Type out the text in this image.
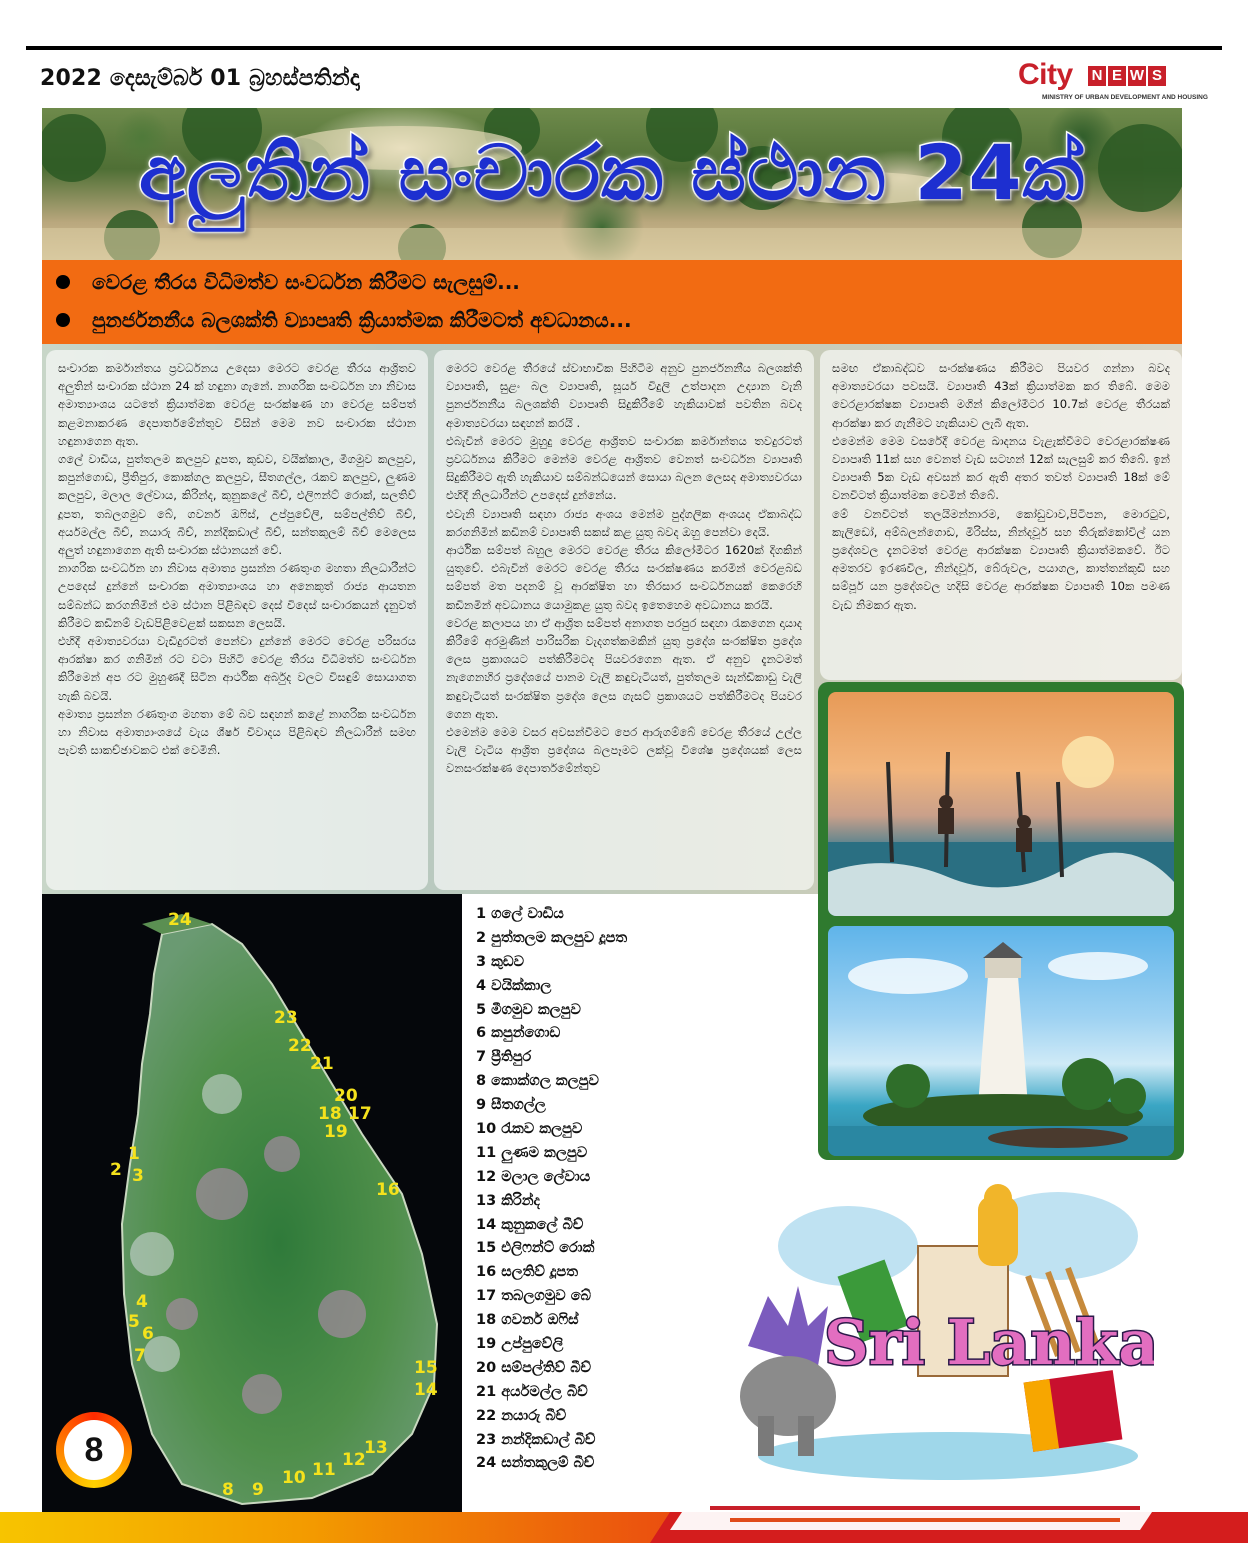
2022 දෙසැම්බර් 01 බ්‍රහස්පතින්දා	City N E W S
MINISTRY OF URBAN DEVELOPMENT AND HOUSING
අලුතින් සංචාරක ස්ථාන 24ක්
වෙරළ තීරය විධිමත්ව සංවර්ධන කිරීමට සැලසුම්...
පුනර්ජනනීය බලශක්ති ව්‍යාපෘති ක්‍රියාත්මක කිරීමටත් අවධානය...

සංචාරක කර්මාන්තය ප්‍රවර්ධනය උදෙසා මෙරට වෙරළ තීරය ආශ්‍රිතව අලුතින් සංචාරක ස්ථාන 24 ක් හඳුනා ගැනේ. නාගරික සංවර්ධන හා නිවාස අමාත්‍යාංශය යටතේ ක්‍රියාත්මක වෙරළ සංරක්ෂණ හා වෙරළ සම්පත් කළමනාකරණ දෙපාර්තමේන්තුව විසින් මෙම නව සංචාරක ස්ථාන හඳුනාගෙන ඇත.

ගලේ වාඩිය, පුත්තලම කලපුව දූපත, කුඩව, වයික්කාල, මීගමුව කලපුව, කපුන්ගොඩ, ප්‍රීතිපුර, කොක්ගල කලපුව, සීතගල්ල, රැකව කලපුව, ලුණම කලපුව, මලාල ලේවාය, කිරින්ද, කුනුකලේ බීච්, එලිෆන්ට් රොක්, සලතිව් දූපත, තබලගමුව බේ, ගවනර් ඔෆිස්, උප්පුවේලි, සම්පල්තිව් බීච්, අර්යමල්ල බීච්, නයාරු බීච්, නන්දිකඩාල් බීච්, සන්තකුලම් බීච් මෙලෙස අලුත් හඳුනාගෙන ඇති සංචාරක ස්ථානයන් වේ.

නාගරික සංවර්ධන හා නිවාස අමාත්‍ය ප්‍රසන්න රණතුංග මහතා නිලධාරීන්ට උපදෙස් දුන්නේ සංචාරක අමාත්‍යාංශය හා අනෙකුත් රාජ්‍ය ආයතන සම්බන්ධ කරගනිමින් එම ස්ථාන පිළිබඳව දෙස් විදෙස් සංචාරකයන් දැනුවත් කිරීමට කඩිනම් වැඩපිළිවෙළක් සකසන ලෙසයි.

එහිදී අමාත්‍යවරයා වැඩිදුරටත් පෙන්වා දුන්නේ මෙරට වෙරළ පරිසරය ආරක්ෂා කර ගනිමින් රට වටා පිහිටි වෙරළ තීරය විධිමත්ව සංවර්ධන කිරීමෙන් අප රට මුහුණදී සිටින ආර්ථික අර්බුද වලට විසඳුම් සොයාගත හැකි බවයි.

අමාත්‍ය ප්‍රසන්න රණතුංග මහතා මේ බව සඳහන් කළේ නාගරික සංවර්ධන හා නිවාස අමාත්‍යාංශයේ වැය ශීර්ෂ විවාදය පිළිබඳව නිලධාරීන් සමඟ පැවති සාකච්ඡාවකට එක් වෙමිනි.

මෙරට වෙරළ තීරයේ ස්වාභාවික පිහිටීම අනුව පුනර්ජනනීය බලශක්ති ව්‍යාපෘති, සුළං බල ව්‍යාපෘති, සූර්ය විදුලි උත්පාදන උද්‍යාන වැනි පුනර්ජනනීය බලශක්ති ව්‍යාපෘති සිදුකිරීමේ හැකියාවක් පවතින බවද අමාත්‍යවරයා සඳහන් කරයි .

එබැවින් මෙරට මුහුදු වෙරළ ආශ්‍රිතව සංචාරක කර්මාන්තය තවදුරටත් ප්‍රවර්ධනය කිරීමට මෙන්ම වෙරළ ආශ්‍රිතව වෙනත් සංවර්ධන ව්‍යාපෘති සිදුකිරීමට ඇති හැකියාව සම්බන්ධයෙන් සොයා බලන ලෙසද අමාත්‍යවරයා එහිදී නිලධාරීන්ට උපදෙස් දුන්නේය.

එවැනි ව්‍යාපෘති සඳහා රාජ්‍ය අංශය මෙන්ම පුද්ගලික අංශයද ඒකාබද්ධ කරගනිමින් කඩිනම් ව්‍යාපෘති සකස් කළ යුතු බවද ඔහු පෙන්වා දෙයි.

ආර්ථික සම්පත් බහුල මෙරට වෙරළ තීරය කිලෝමීටර 1620ක් දිගකින් යුතුවේ. එබැවින් මෙරට වෙරළ තීරය සංරක්ෂණය කරමින් වෙරළබඩ සම්පත් මත පදනම් වූ ආරක්ෂිත හා තිරසාර සංවර්ධනයක් කෙරෙහි කඩිනමින් අවධානය යොමුකළ යුතු බවද ඉතෙහෙම අවධානය කරයි.

වෙරළ කලාපය හා ඒ ආශ්‍රිත සම්පත් අනාගත පරපුර සඳහා රැකගෙන දායාද කිරීමේ අරමුණින් පාරිසරික වැදගත්කමකින් යුතු ප්‍රදේශ සංරක්ෂිත ප්‍රදේශ ලෙස ප්‍රකාශයට පත්කිරීමටද පියවරගෙන ඇත. ඒ අනුව දැනටමත් නැගෙනහිර ප්‍රදේශයේ පානම වැලි කඳුවැටියත්, පුත්තලම සැන්ඩිකාඩු වැලි කඳුවැටියත් සංරක්ෂිත ප්‍රදේශ ලෙස ගැසට් ප්‍රකාශයට පත්කිරීමටද පියවර ගෙන ඇත.

එමෙන්ම මෙම වසර අවසන්වීමට පෙර ආරුගම්බේ වෙරළ තීරයේ උල්ල වැලි වැටිය ආශ්‍රිත ප්‍රදේශය බලපෑමට ලක්වූ විශේෂ ප්‍රදේශයක් ලෙස වනසංරක්ෂණ දෙපාර්තමේන්තුව

සමඟ ඒකාබද්ධව සංරක්ෂණය කිරීමට පියවර ගන්නා බවද අමාත්‍යවරයා පවසයි. ව්‍යාපෘති 43ක් ක්‍රියාත්මක කර තිබේ. මෙම වෙරළාරක්ෂක ව්‍යාපෘති මගින් කිලෝමීටර 10.7ක් වෙරළ තීරයක් ආරක්ෂා කර ගැනීමට හැකියාව ලැබී ඇත.

එමෙන්ම මෙම වසරේදී වෙරළ ඛාදනය වැළැක්වීමට වෙරළාරක්ෂණ ව්‍යාපෘති 11ක් සහ වෙනත් වැඩ සටහන් 12ක් සැලසුම් කර තිබේ. ඉන් ව්‍යාපෘති 5ක වැඩ අවසන් කර ඇති අතර තවත් ව්‍යාපෘති 18ක් මේ වනවිටත් ක්‍රියාත්මක වෙමින් තිබේ.

මේ වනවිටත් තලයිමන්නාරම, කෝඩුවාව,පිටිපන, මොරටුව, කැලිඩෝ, අම්බලන්ගොඩ, මිරිස්ස, නින්දවූර් සහ තිරුක්කෝවිල් යන ප්‍රදේශවල දැනටමත් වෙරළ ආරක්ෂක ව්‍යාපෘති ක්‍රියාත්මකවේ. ඊට අමතරව ඉරණවිල, නින්දවූර්, බේරුවල, පයාගල, කාත්තන්කුඩි සහ සම්පූර් යන ප්‍රදේශවල හදිසි වෙරළ ආරක්ෂක ව්‍යාපෘති 10ක පමණ වැඩ නිමකර ඇත.

24
23
22
21
20
18 17
19
1
2 3
16
4
5
6
7
15
14
13
12
11
10
9
8
8
1 ගලේ වාඩිය
2 පුත්තලම කලපුව දූපත
3 කුඩව
4 වයික්කාල
5 මීගමුව කලපුව
6 කපුන්ගොඩ
7 ප්‍රීතිපුර
8 කොක්ගල කලපුව
9 සීතගල්ල
10 රැකව කලපුව
11 ලුණම කලපුව
12 මලාල ලේවාය
13 කිරින්ද
14 කුනුකලේ බීච්
15 එලිෆන්ට් රොක්
16 සලතිව් දූපත
17 තබලගමුව බේ
18 ගවනර් ඔෆිස්
19 උප්පුවේලි
20 සම්පල්තිව් බීච්
21 අර්යමල්ල බීච්
22 නයාරු බීච්
23 නන්දිකඩාල් බීච්
24 සන්තකුලම් බීච්
Sri Lanka
